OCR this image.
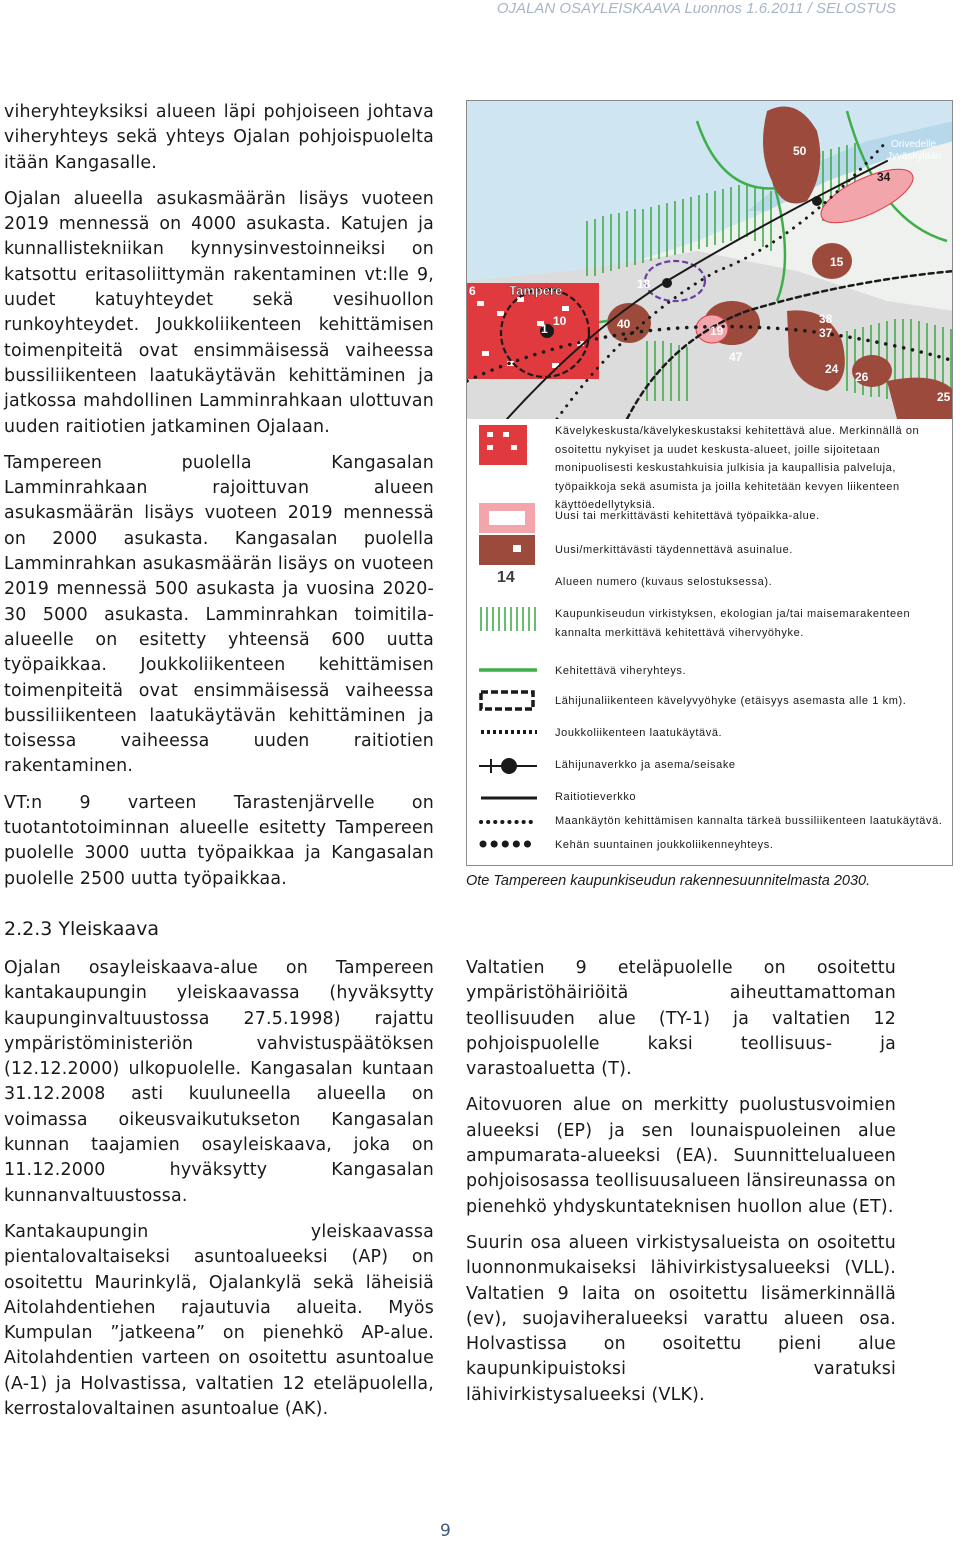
OJALAN OSAYLEISKAAVA Luonnos 1.6.2011 / SELOSTUS

viheryhteyksiksi alueen läpi pohjoiseen johtava viheryhteys sekä yhteys Ojalan pohjoispuolelta itään Kangasalle.

Ojalan alueella asukasmäärän lisäys vuoteen 2019 mennessä on 4000 asukasta. Katujen ja kunnallistekniikan kynnysinvestoinneiksi on katsottu eritasoliittymän rakentaminen vt:lle 9, uudet katuyhteydet sekä vesihuollon runkoyhteydet. Joukkoliikenteen kehittämisen toimenpiteitä ovat ensimmäisessä vaiheessa bussiliikenteen laatukäytävän kehittäminen ja jatkossa mahdollinen Lamminrahkaan ulottuvan uuden raitiotien jatkaminen Ojalaan.

Tampereen puolella Kangasalan Lamminrahkaan rajoittuvan alueen asukasmäärän lisäys vuoteen 2019 mennessä on 2000 asukasta. Kangasalan puolella Lamminrahkan asukasmäärän lisäys on vuoteen 2019 mennessä 500 asukasta ja vuosina 2020-30 5000 asukasta. Lamminrahkan toimitila-alueelle on esitetty yhteensä 600 uutta työpaikkaa. Joukkoliikenteen kehittämisen toimenpiteitä ovat ensimmäisessä vaiheessa bussiliikenteen laatukäytävän kehittäminen ja toisessa vaiheessa uuden raitiotien rakentaminen.

VT:n 9 varteen Tarastenjärvelle on tuotantotoiminnan alueelle esitetty Tampereen puolelle 3000 uutta työpaikkaa ja Kangasalan puolelle 2500 uutta työpaikkaa.

Tampere
Orivedelle
Jyväskylään
50
34
15
18
40
10
1
6
19
38
37
47
24
26
25
Kävelykeskusta/kävelykeskustaksi kehitettävä alue. Merkinnällä on osoitettu nykyiset ja uudet keskusta-alueet, joille sijoitetaan monipuolisesti keskustahkuisia julkisia ja kaupallisia palveluja, työpaikkoja sekä asumista ja joilla kehitetään kevyen liikenteen käyttöedellytyksiä.
Uusi tai merkittävästi kehitettävä työpaikka-alue.
Uusi/merkittävästi täydennettävä asuinalue.
14	Alueen numero (kuvaus selostuksessa).
Kaupunkiseudun virkistyksen, ekologian ja/tai maisemarakenteen kannalta merkittävä kehitettävä vihervyöhyke.
Kehitettävä viheryhteys.
Lähijunaliikenteen kävelyvyöhyke (etäisyys asemasta alle 1 km).
Joukkoliikenteen laatukäytävä.
Lähijunaverkko ja asema/seisake
Raitiotieverkko
Maankäytön kehittämisen kannalta tärkeä bussiliikenteen laatukäytävä.
Kehän suuntainen joukkoliikenneyhteys.
Ote Tampereen kaupunkiseudun rakennesuunnitelmasta 2030.
2.2.3 Yleiskaava

Ojalan osayleiskaava-alue on Tampereen kantakaupungin yleiskaavassa (hyväksytty kaupunginvaltuustossa 27.5.1998) rajattu ympäristöministeriön vahvistuspäätöksen (12.12.2000) ulkopuolelle. Kangasalan kuntaan 31.12.2008 asti kuuluneella alueella on voimassa oikeusvaikutukseton Kangasalan kunnan taajamien osayleiskaava, joka on 11.12.2000 hyväksytty Kangasalan kunnanvaltuustossa.

Kantakaupungin yleiskaavassa pientalovaltaiseksi asuntoalueeksi (AP) on osoitettu Maurinkylä, Ojalankylä sekä läheisiä Aitolahdentiehen rajautuvia alueita. Myös Kumpulan ”jatkeena” on pienehkö AP-alue. Aitolahdentien varteen on osoitettu asuntoalue (A-1) ja Holvastissa, valtatien 12 eteläpuolella, kerrostalovaltainen asuntoalue (AK).

Valtatien 9 eteläpuolelle on osoitettu ympäristöhäiriöitä aiheuttamattoman teollisuuden alue (TY-1) ja valtatien 12 pohjoispuolelle kaksi teollisuus- ja varastoaluetta (T).

Aitovuoren alue on merkitty puolustusvoimien alueeksi (EP) ja sen lounaispuoleinen alue ampumarata-alueeksi (EA). Suunnittelualueen pohjoisosassa teollisuusalueen länsireunassa on pienehkö yhdyskuntateknisen huollon alue (ET).

Suurin osa alueen virkistysalueista on osoitettu luonnonmukaiseksi lähivirkistysalueeksi (VLL). Valtatien 9 laita on osoitettu lisämerkinnällä (ev), suojaviheralueeksi varattu alueen osa. Holvastissa on osoitettu pieni alue kaupunkipuistoksi varatuksi lähivirkistysalueeksi (VLK).

9
